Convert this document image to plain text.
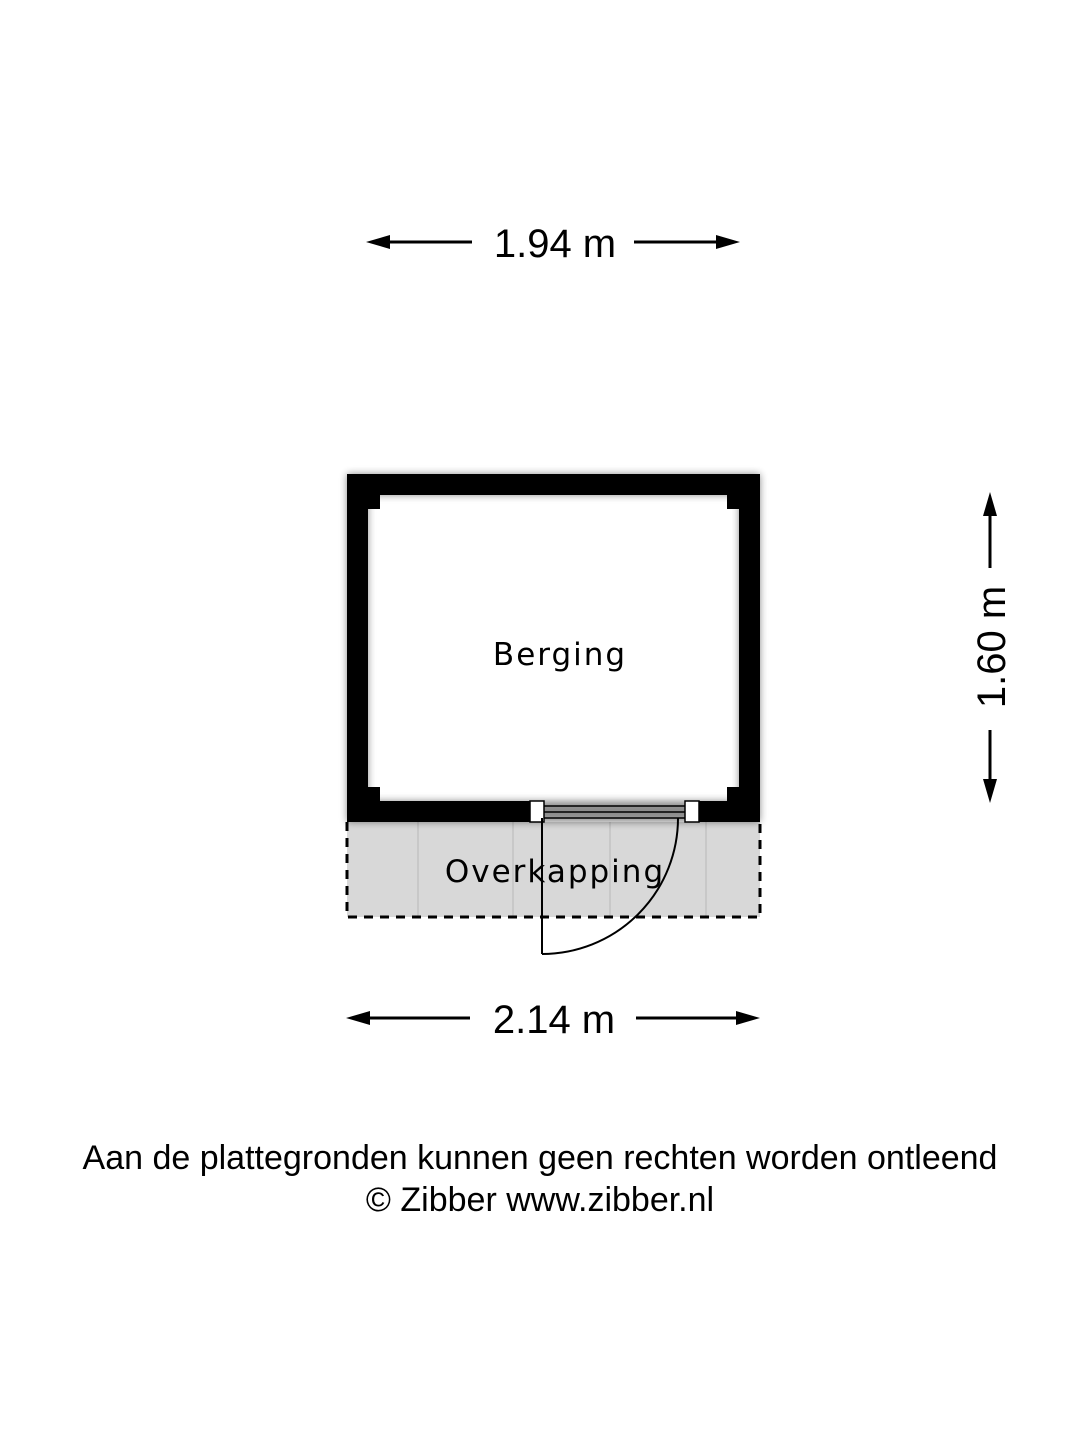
1.94 m
1.60 m
Overkapping
Berging
2.14 m
Aan de plattegronden kunnen geen rechten worden ontleend
© Zibber www.zibber.nl
